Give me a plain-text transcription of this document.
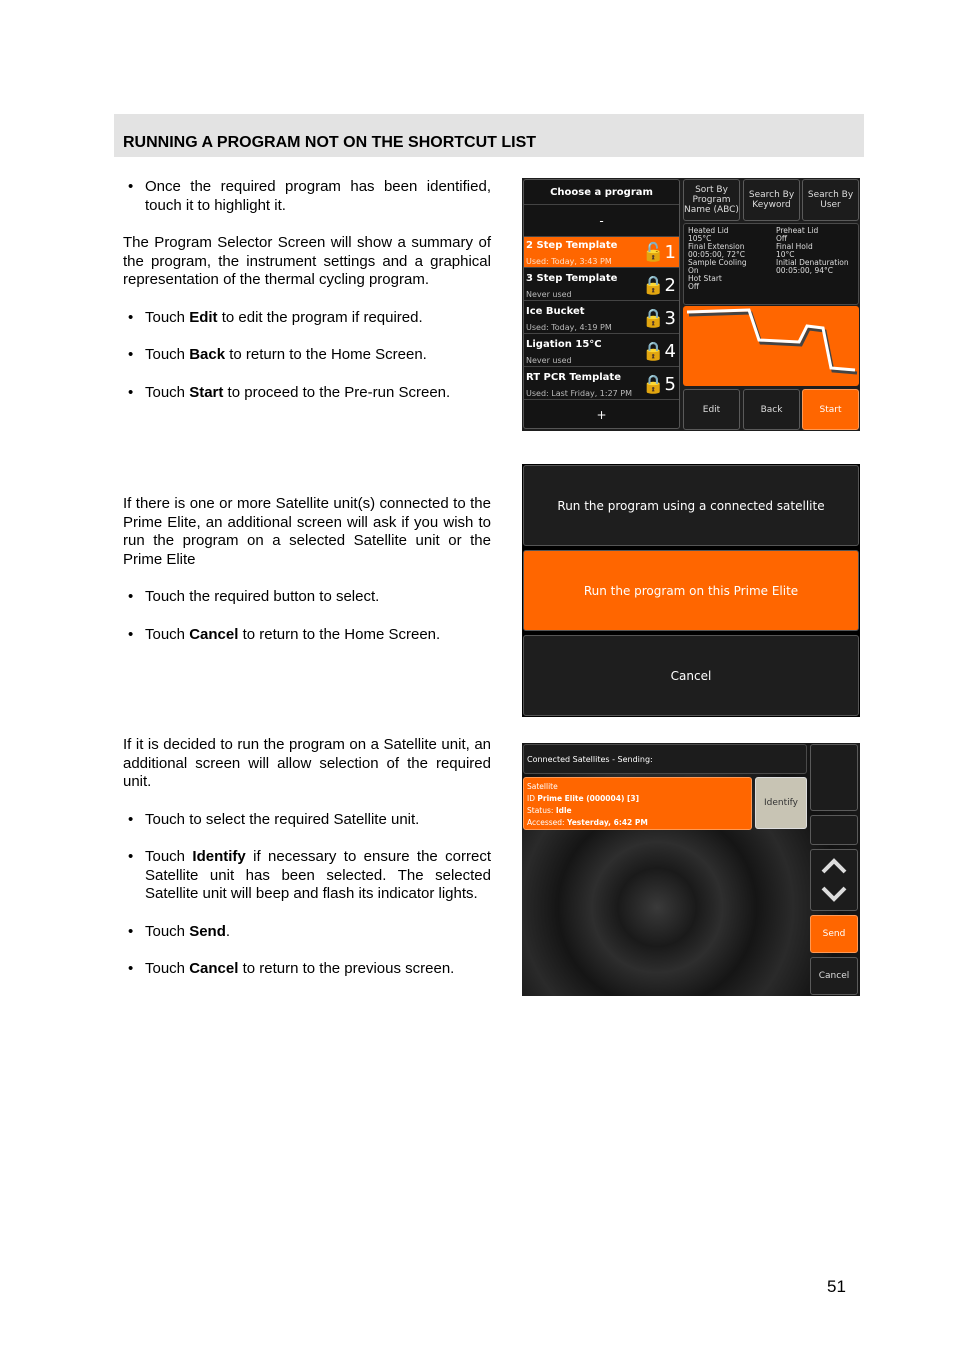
RUNNING A PROGRAM NOT ON THE SHORTCUT LIST
• Once the required program has been identified, touch it to highlight it.

The Program Selector Screen will show a summary of the program, the instrument settings and a graphical representation of the thermal cycling program.

• Touch Edit to edit the program if required.
• Touch Back to return to the Home Screen.
• Touch Start to proceed to the Pre-run Screen.

If there is one or more Satellite unit(s) connected to the Prime Elite, an additional screen will ask if you wish to run the program on a selected Satellite unit or the Prime Elite

• Touch the required button to select.
• Touch Cancel to return to the Home Screen.

If it is decided to run the program on a Satellite unit, an additional screen will allow selection of the required unit.

• Touch to select the required Satellite unit.
• Touch Identify if necessary to ensure the correct Satellite unit has been selected. The selected Satellite unit will beep and flash its indicator lights.
• Touch Send.
• Touch Cancel to return to the previous screen.
Choose a program
-
2 Step Template
Used: Today, 3:43 PM 🔓1
3 Step Template
Never used	🔒2
Ice Bucket
Used: Today, 4:19 PM 🔒3
Ligation 15°C
Never used	🔒4
RT PCR Template
Used: Last Friday, 1:27 PM 🔒5
+
Sort By Program Name (ABC)
Search By Keyword
Search By User
Heated Lid
105°C
Final Extension
00:05:00, 72°C
Sample Cooling
On
Hot Start
Off
Preheat Lid
Off
Final Hold
10°C
Initial Denaturation
00:05:00, 94°C
Edit	Back	Start
Run the program using a connected satellite
Run the program on this Prime Elite
Cancel
Connected Satellites - Sending:
Satellite
ID Prime Elite (000004) [3]
Status: Idle
Accessed: Yesterday, 6:42 PM
Identify
Send
Cancel
51
